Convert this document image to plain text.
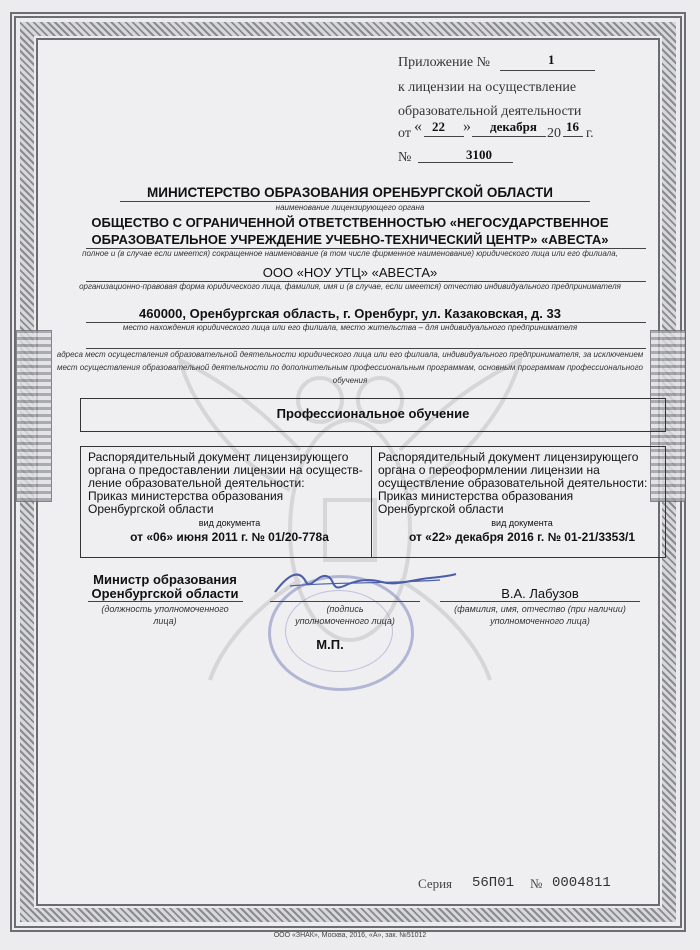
Приложение №	1
к лицензии на осуществление
образовательной деятельности
от « 22 » декабря 20 16 г.
№	3100
МИНИСТЕРСТВО ОБРАЗОВАНИЯ ОРЕНБУРГСКОЙ ОБЛАСТИ
наименование лицензирующего органа
ОБЩЕСТВО С ОГРАНИЧЕННОЙ ОТВЕТСТВЕННОСТЬЮ «НЕГОСУДАРСТВЕННОЕ
ОБРАЗОВАТЕЛЬНОЕ УЧРЕЖДЕНИЕ УЧЕБНО-ТЕХНИЧЕСКИЙ ЦЕНТР» «АВЕСТА»
полное и (в случае если имеется) сокращенное наименование (в том числе фирменное наименование) юридического лица или его филиала,
ООО «НОУ УТЦ» «АВЕСТА»
организационно-правовая форма юридического лица, фамилия, имя и (в случае, если имеется) отчество индивидуального предпринимателя
460000, Оренбургская область, г. Оренбург, ул. Казаковская, д. 33
место нахождения юридического лица или его филиала, место жительства – для индивидуального предпринимателя
адреса мест осуществления образовательной деятельности юридического лица или его филиала, индивидуального предпринимателя, за исключением
мест осуществления образовательной деятельности по дополнительным профессиональным программам, основным программам профессионального
обучения
Профессиональное обучение
Распорядительный документ лицензирующего
органа о предоставлении лицензии на осуществ-
ление образовательной деятельности:
Приказ министерства образования
Оренбургской области
вид документа
от «06» июня 2011 г. № 01/20-778а
Распорядительный документ лицензирующего
органа о переоформлении лицензии на
осуществление образовательной деятельности:
Приказ министерства образования
Оренбургской области
вид документа
от «22» декабря 2016 г. № 01-21/3353/1
Министр образования
Оренбургской области
(должность уполномоченного
лица)
(подпись
уполномоченного лица)
В.А. Лабузов
(фамилия, имя, отчество (при наличии)
уполномоченного лица)
М.П.
Серия 56П01 № 0004811
ООО «ЗНАК», Москва, 2016, «А», зак. №51012
